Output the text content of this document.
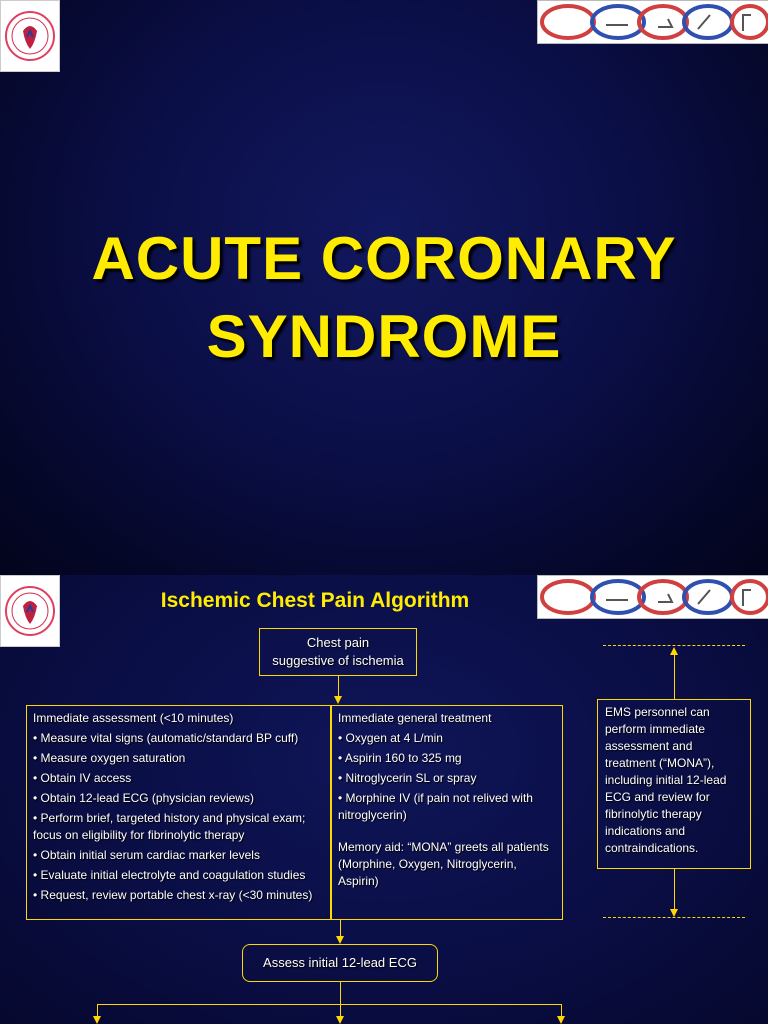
ACUTE CORONARY
SYNDROME
Ischemic Chest Pain Algorithm
Chest pain
suggestive of ischemia
Immediate assessment (<10 minutes)
• Measure vital signs (automatic/standard BP cuff)
• Measure oxygen saturation
• Obtain IV access
• Obtain 12-lead ECG (physician reviews)
• Perform brief, targeted history and physical exam; focus on eligibility for fibrinolytic therapy
• Obtain initial serum cardiac marker levels
• Evaluate initial electrolyte and coagulation studies
• Request, review portable chest x-ray (<30 minutes)
Immediate general treatment
• Oxygen at 4 L/min
• Aspirin 160 to 325 mg
• Nitroglycerin SL or spray
• Morphine IV (if pain not relived with nitroglycerin)
Memory aid: “MONA” greets all patients (Morphine, Oxygen, Nitroglycerin, Aspirin)
EMS personnel can perform immediate assessment and treatment (“MONA”), including initial 12-lead ECG and review for fibrinolytic therapy indications and contraindications.
Assess initial 12-lead ECG
